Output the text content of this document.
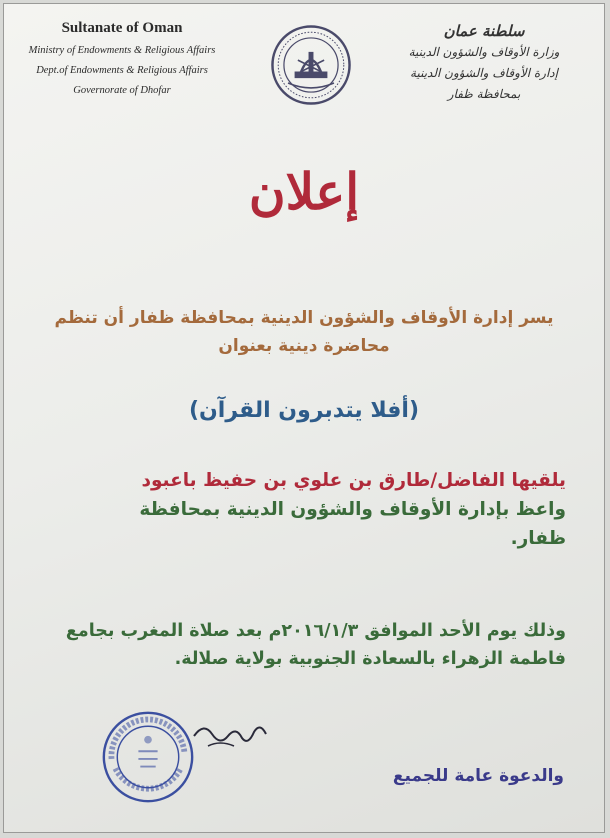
Sultanate of Oman
Ministry of Endowments & Religious Affairs
Dept.of Endowments & Religious Affairs
Governorate of Dhofar
سلطنة عمان
وزارة الأوقاف والشؤون الدينية
إدارة الأوقاف والشؤون الدينية
بمحافظة ظفار
إعلان
يسر إدارة الأوقاف والشؤون الدينية بمحافظة ظفار أن تنظم
محاضرة دينية بعنوان
(أفلا يتدبرون القرآن)
يلقيها الفاضل/طارق بن علوي بن حفيظ باعبود
واعظ بإدارة الأوقاف والشؤون الدينية بمحافظة
ظفار.
وذلك يوم الأحد الموافق ٢٠١٦/١/٣م بعد صلاة المغرب بجامع
فاطمة الزهراء بالسعادة الجنوبية بولاية صلالة.
والدعوة عامة للجميع
